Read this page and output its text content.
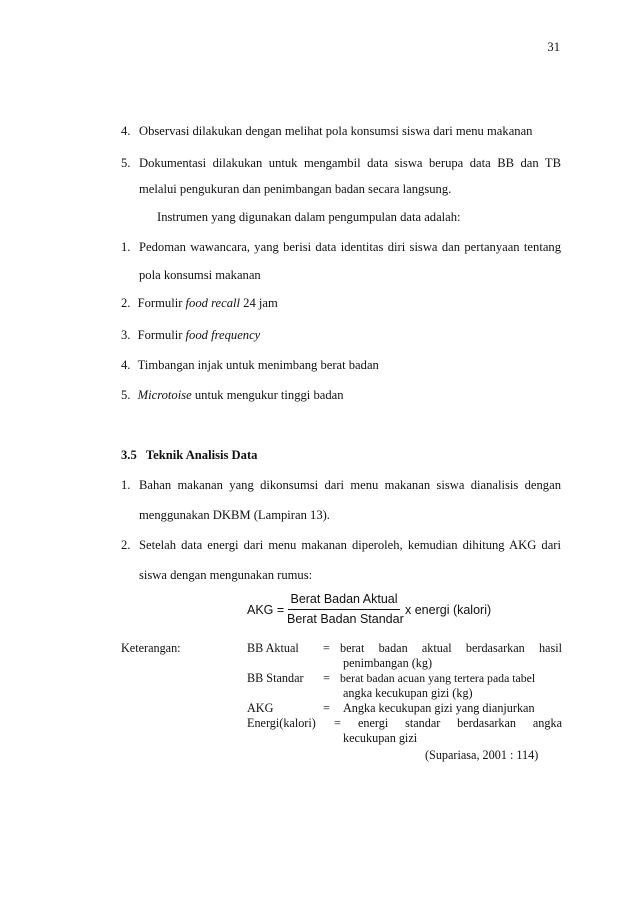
31
4. Observasi dilakukan dengan melihat pola konsumsi siswa dari menu makanan
5. Dokumentasi dilakukan untuk mengambil data siswa berupa data BB dan TB
melalui pengukuran dan penimbangan badan secara langsung.
Instrumen yang digunakan dalam pengumpulan data adalah:
1. Pedoman wawancara, yang berisi data identitas diri siswa dan pertanyaan tentang
pola konsumsi makanan
2. Formulir food recall 24 jam
3. Formulir food frequency
4. Timbangan injak untuk menimbang berat badan
5. Microtoise untuk mengukur tinggi badan
3.5 Teknik Analisis Data
1. Bahan makanan yang dikonsumsi dari menu makanan siswa dianalisis dengan
menggunakan DKBM (Lampiran 13).
2. Setelah data energi dari menu makanan diperoleh, kemudian dihitung AKG dari
siswa dengan mengunakan rumus:
AKG =
Berat Badan Aktual
Berat Badan Standar
x energi (kalori)
Keterangan:	BB Aktual = berat badan aktual berdasarkan hasil
penimbangan (kg)
BB Standar = berat badan acuan yang tertera pada tabel
angka kecukupan gizi (kg)
AKG	= Angka kecukupan gizi yang dianjurkan
Energi(kalori) = energi standar berdasarkan angka
kecukupan gizi
(Supariasa, 2001 : 114)
